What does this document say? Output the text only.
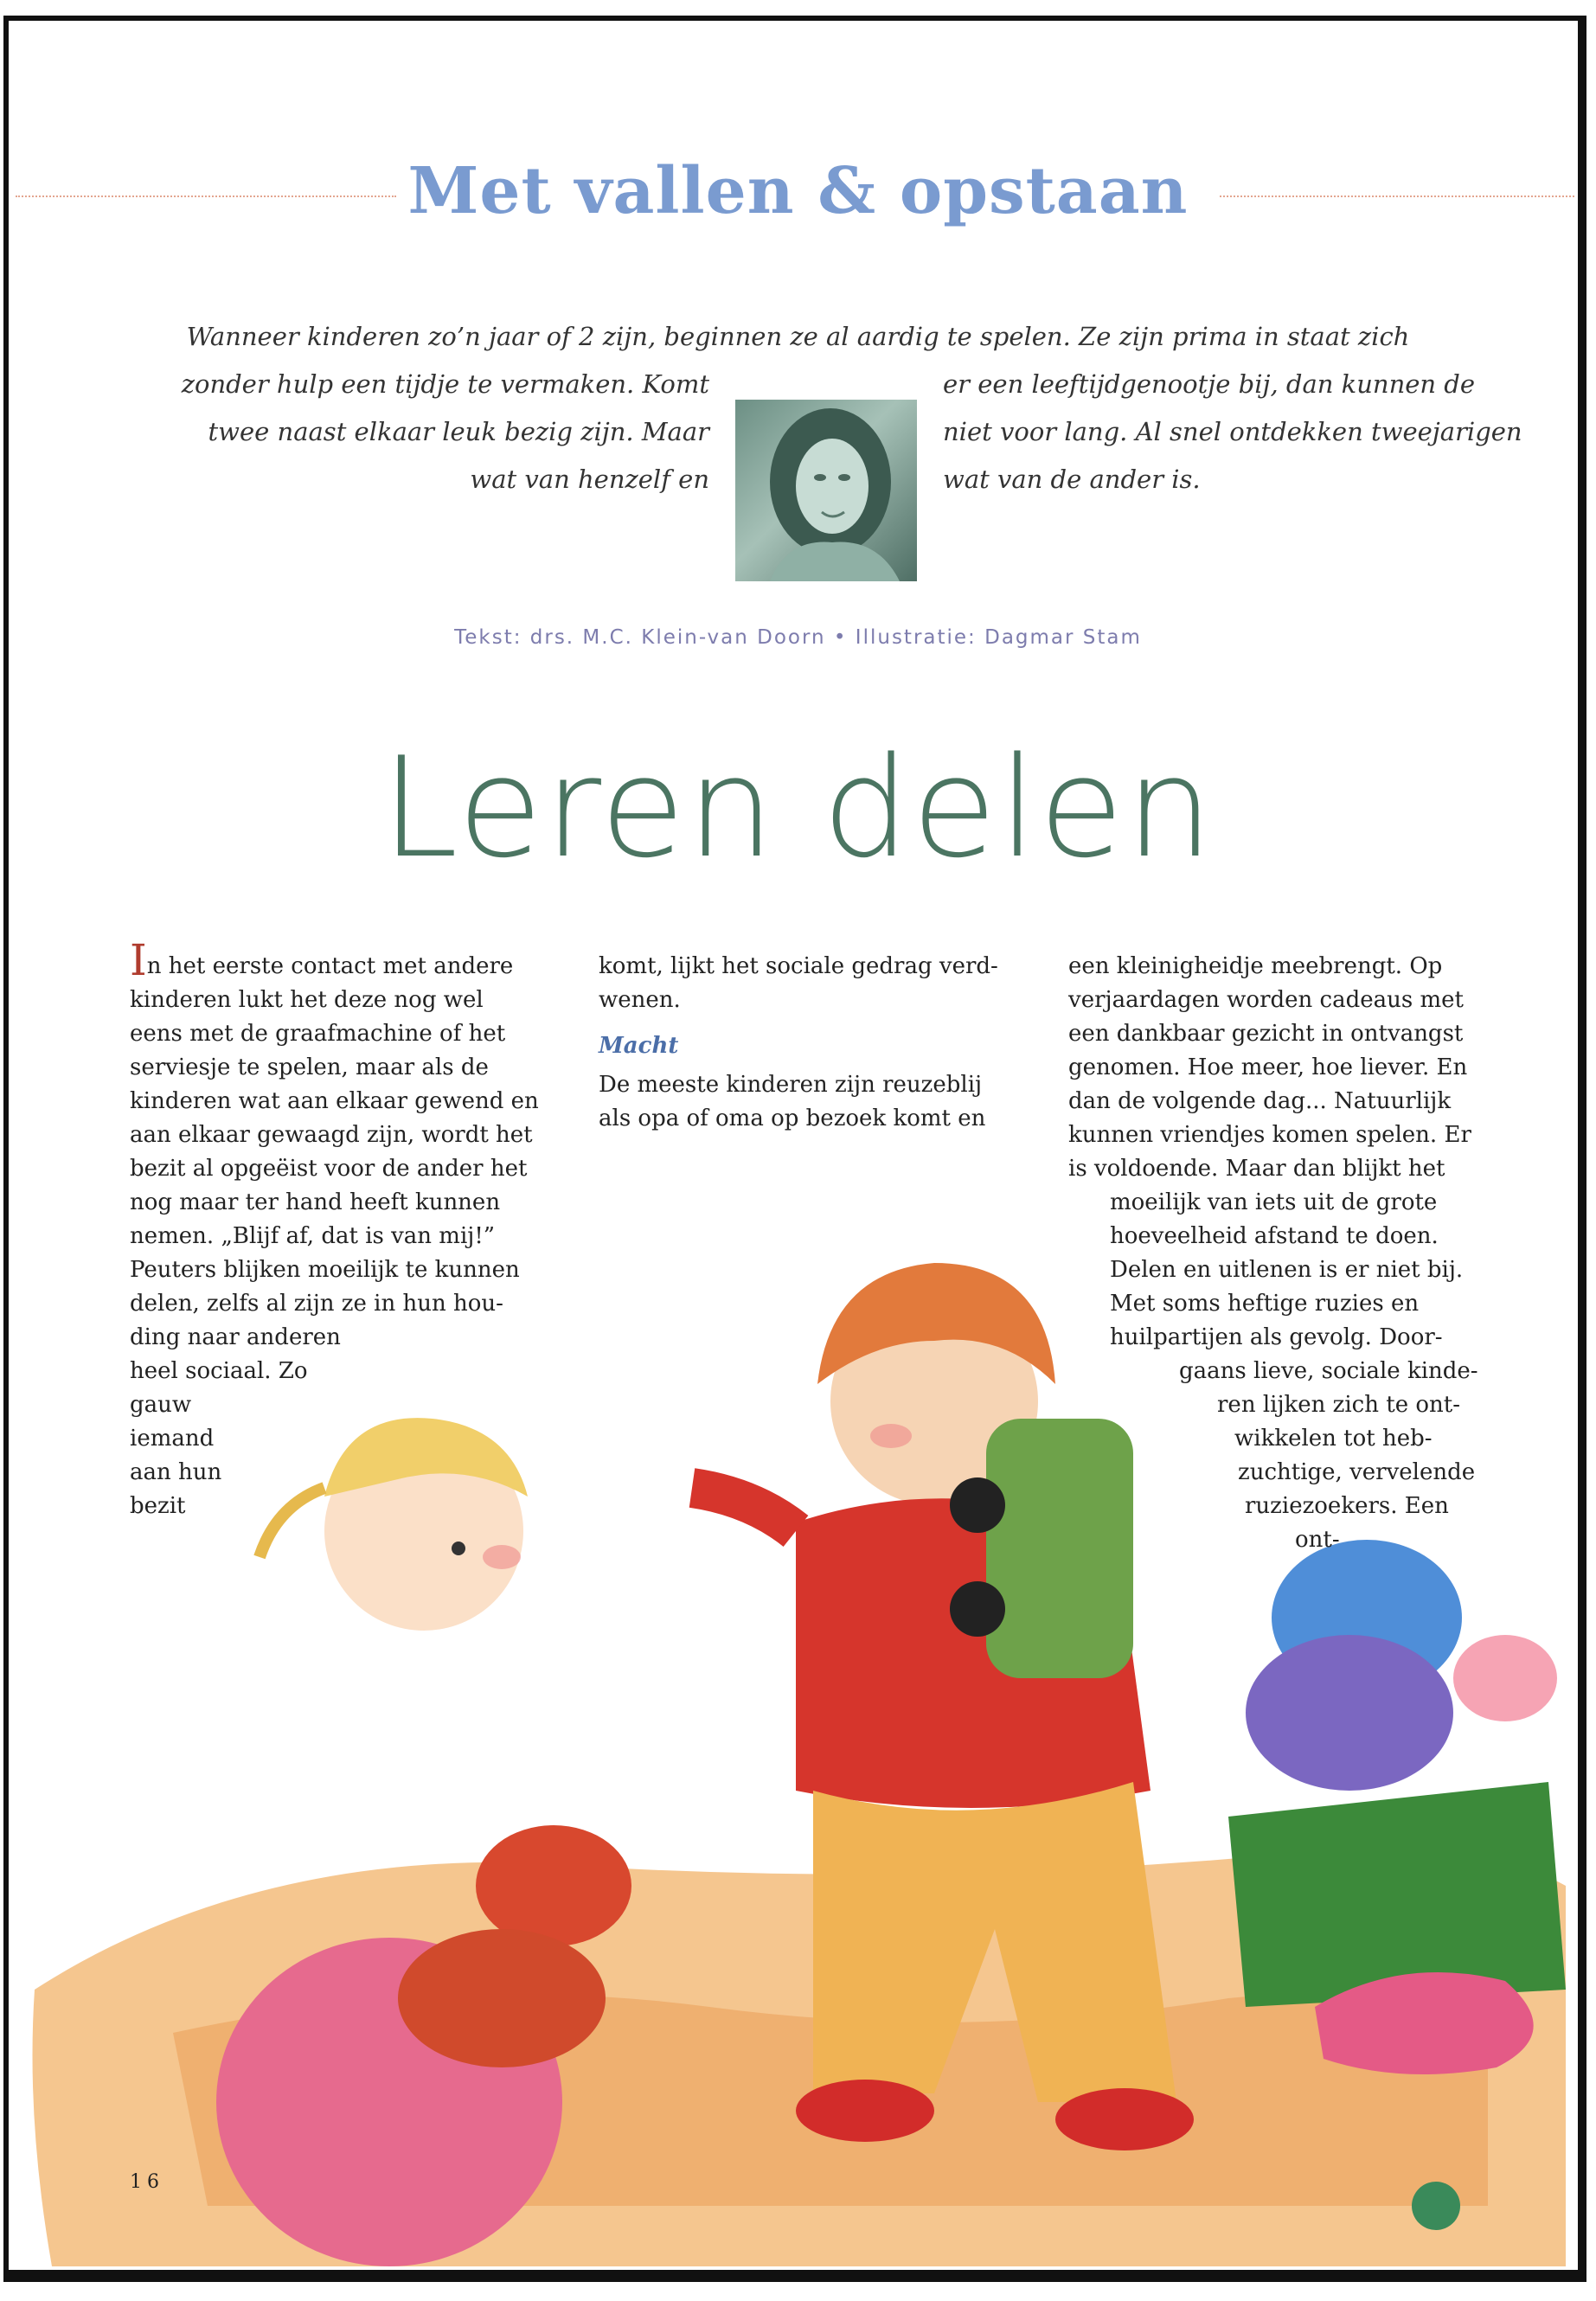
Met vallen & opstaan
Wanneer kinderen zo’n jaar of 2 zijn, beginnen ze al aardig te spelen. Ze zijn prima in staat zich
zonder hulp een tijdje te vermaken. Komt
twee naast elkaar leuk bezig zijn. Maar
wat van henzelf en
er een leeftijdgenootje bij, dan kunnen de
niet voor lang. Al snel ontdekken tweejarigen
wat van de ander is.
Tekst: drs. M.C. Klein-van Doorn • Illustratie: Dagmar Stam
Leren delen
In het eerste contact met andere
kinderen lukt het deze nog wel
eens met de graafmachine of het
serviesje te spelen, maar als de
kinderen wat aan elkaar gewend en
aan elkaar gewaagd zijn, wordt het
bezit al opgeëist voor de ander het
nog maar ter hand heeft kunnen
nemen. „Blijf af, dat is van mij!”
Peuters blijken moeilijk te kunnen
delen, zelfs al zijn ze in hun hou-
ding naar anderen
heel sociaal. Zo
gauw
iemand
aan hun
bezit
komt, lijkt het sociale gedrag verd-
wenen.
Macht
De meeste kinderen zijn reuzeblij
als opa of oma op bezoek komt en
een kleinigheidje meebrengt. Op
verjaardagen worden cadeaus met
een dankbaar gezicht in ontvangst
genomen. Hoe meer, hoe liever. En
dan de volgende dag... Natuurlijk
kunnen vriendjes komen spelen. Er
is voldoende. Maar dan blijkt het
moeilijk van iets uit de grote
hoeveelheid afstand te doen.
Delen en uitlenen is er niet bij.
Met soms heftige ruzies en
huilpartijen als gevolg. Door-
gaans lieve, sociale kinde-
ren lijken zich te ont-
wikkelen tot heb-
zuchtige, vervelende
ruziezoekers. Een
ont-
16
